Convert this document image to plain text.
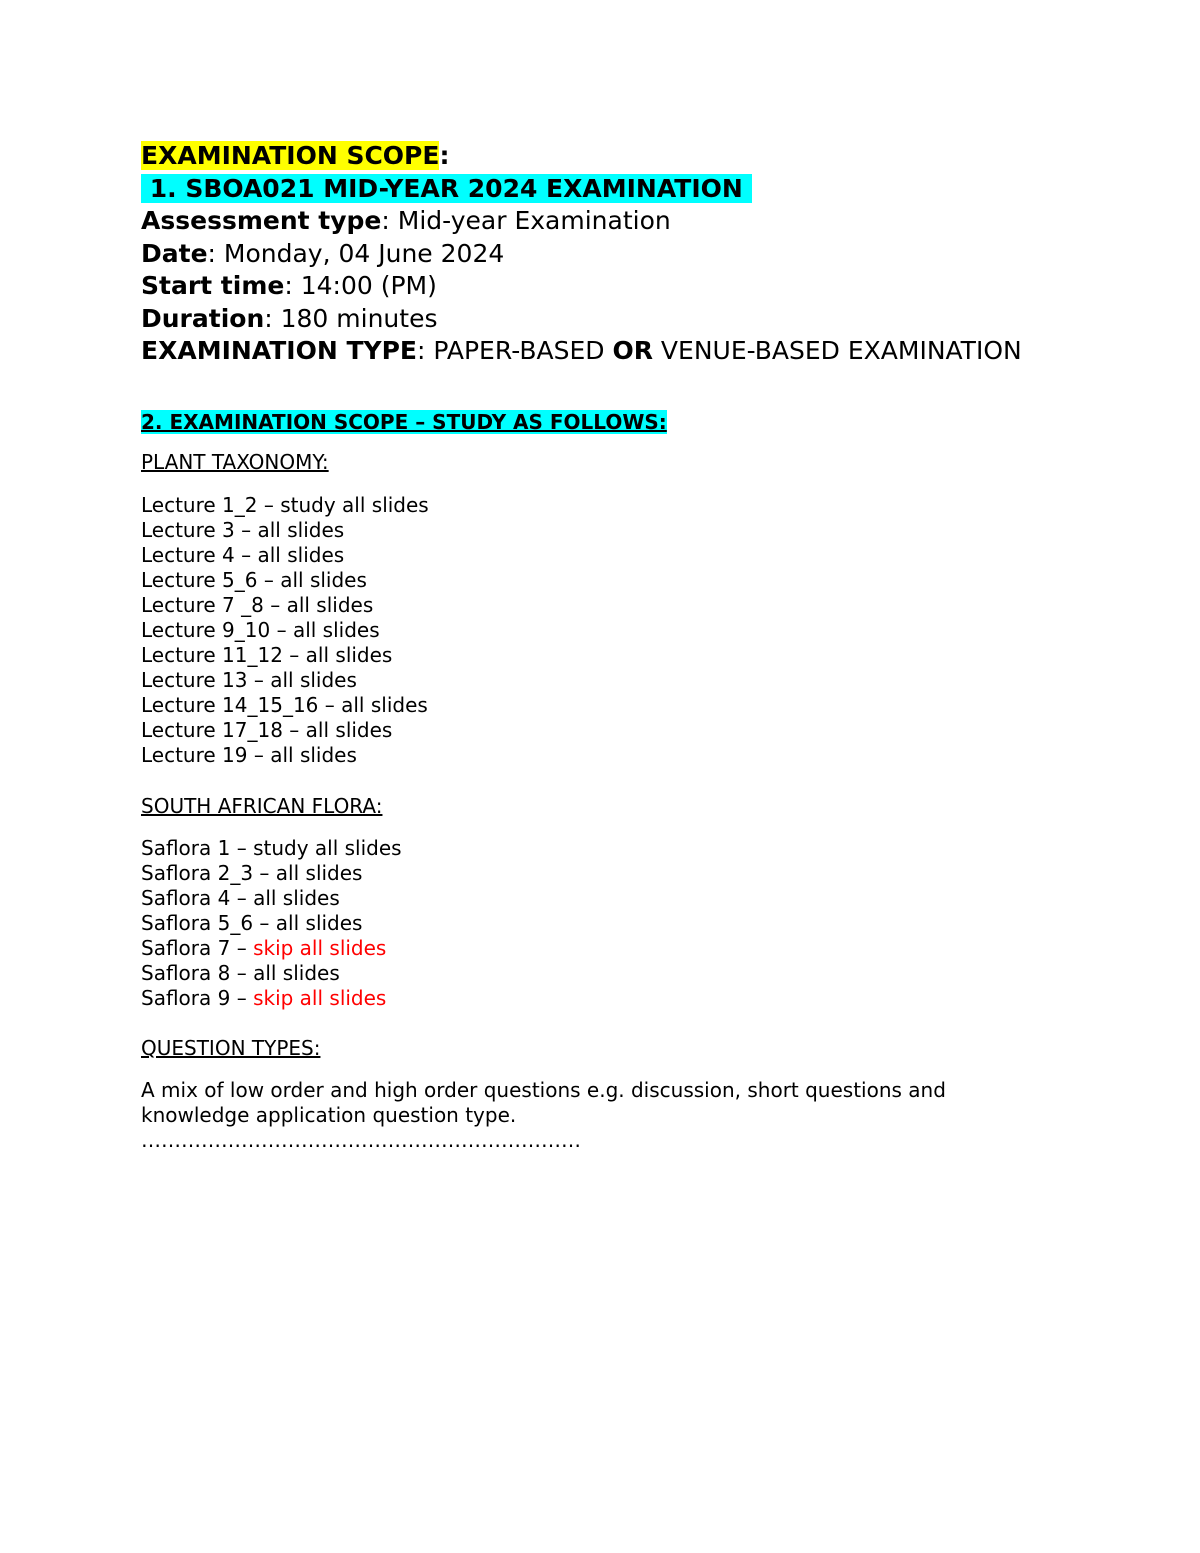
EXAMINATION SCOPE:
1. SBOA021 MID-YEAR 2024 EXAMINATION
Assessment type: Mid-year Examination
Date: Monday, 04 June 2024
Start time: 14:00 (PM)
Duration: 180 minutes
EXAMINATION TYPE: PAPER-BASED OR VENUE-BASED EXAMINATION
2. EXAMINATION SCOPE – STUDY AS FOLLOWS:
PLANT TAXONOMY:
Lecture 1_2 – study all slides
Lecture 3 – all slides
Lecture 4 – all slides
Lecture 5_6 – all slides
Lecture 7 _8 – all slides
Lecture 9_10 – all slides
Lecture 11_12 – all slides
Lecture 13 – all slides
Lecture 14_15_16 – all slides
Lecture 17_18 – all slides
Lecture 19 – all slides
SOUTH AFRICAN FLORA:
Saflora 1 – study all slides
Saflora 2_3 – all slides
Saflora 4 – all slides
Saflora 5_6 – all slides
Saflora 7 – skip all slides
Saflora 8 – all slides
Saflora 9 – skip all slides
QUESTION TYPES:
A mix of low order and high order questions e.g. discussion, short questions and knowledge application question type.
…………………………………………………………
